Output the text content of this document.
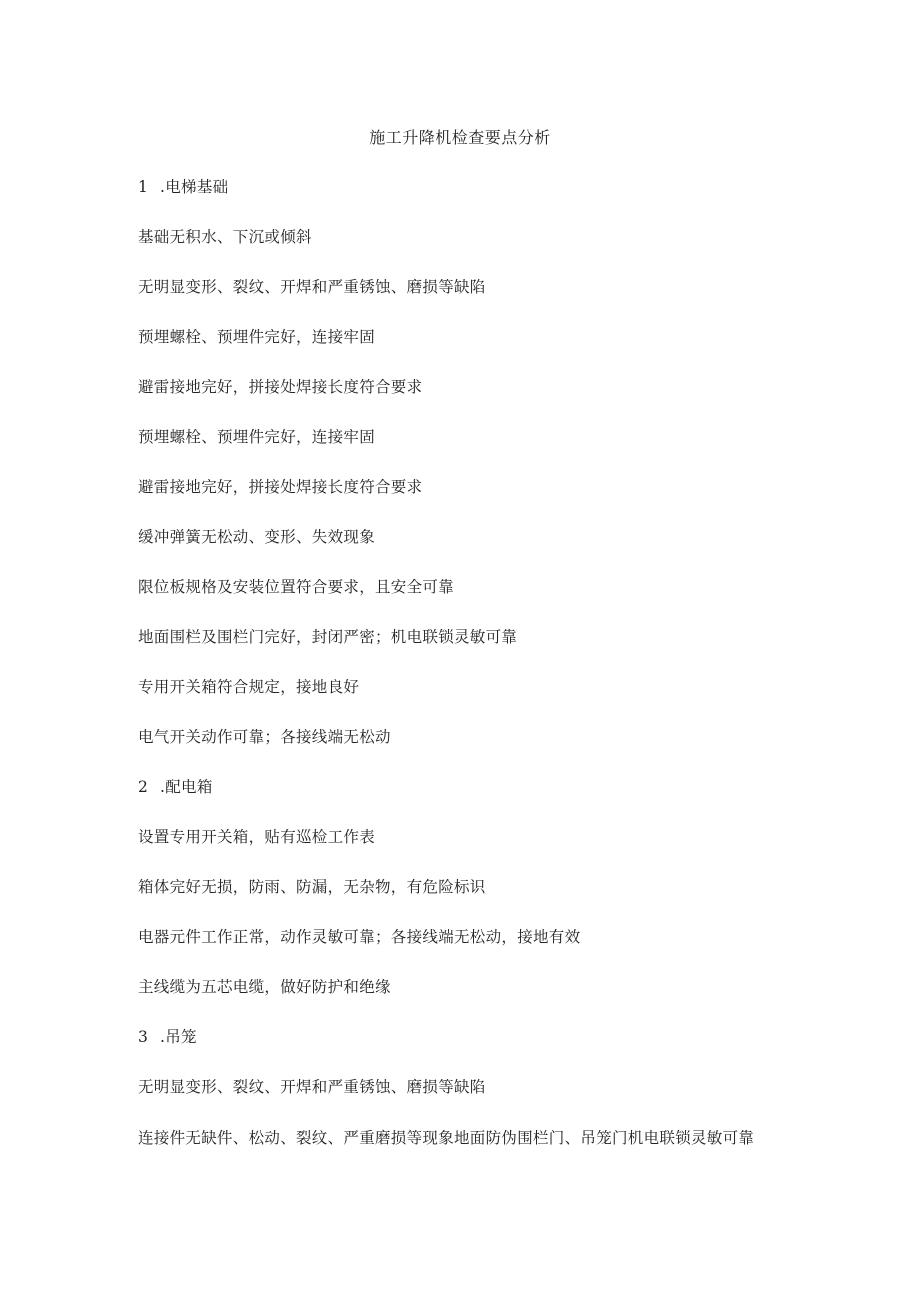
施工升降机检查要点分析
1 .电梯基础
基础无积水、下沉或倾斜
无明显变形、裂纹、开焊和严重锈蚀、磨损等缺陷
预埋螺栓、预埋件完好，连接牢固
避雷接地完好，拼接处焊接长度符合要求
预埋螺栓、预埋件完好，连接牢固
避雷接地完好，拼接处焊接长度符合要求
缓冲弹簧无松动、变形、失效现象
限位板规格及安装位置符合要求，且安全可靠
地面围栏及围栏门完好，封闭严密；机电联锁灵敏可靠
专用开关箱符合规定，接地良好
电气开关动作可靠；各接线端无松动
2 .配电箱
设置专用开关箱，贴有巡检工作表
箱体完好无损，防雨、防漏，无杂物，有危险标识
电器元件工作正常，动作灵敏可靠；各接线端无松动，接地有效
主线缆为五芯电缆，做好防护和绝缘
3 .吊笼
无明显变形、裂纹、开焊和严重锈蚀、磨损等缺陷
连接件无缺件、松动、裂纹、严重磨损等现象地面防伪围栏门、吊笼门机电联锁灵敏可靠
